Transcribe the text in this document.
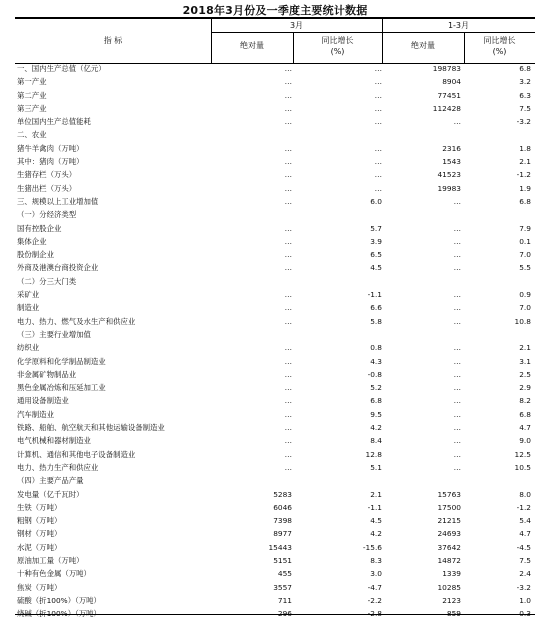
2018年3月份及一季度主要统计数据
指 标
3月	1-3月
绝对量
同比增长
(%)
绝对量
同比增长
(%)
一、国内生产总值（亿元）	…	…	198783	6.8
第一产业	…	…	8904	3.2
第二产业	…	…	77451	6.3
第三产业	…	…	112428	7.5
单位国内生产总值能耗	…	…	…	-3.2
二、农业
猪牛羊禽肉（万吨）	…	…	2316	1.8
其中：猪肉（万吨）	…	…	1543	2.1
生猪存栏（万头）	…	…	41523	-1.2
生猪出栏（万头）	…	…	19983	1.9
三、规模以上工业增加值	…	6.0	…	6.8
（一）分经济类型
国有控股企业	…	5.7	…	7.9
集体企业	…	3.9	…	0.1
股份制企业	…	6.5	…	7.0
外商及港澳台商投资企业	…	4.5	…	5.5
（二）分三大门类
采矿业	…	-1.1	…	0.9
制造业	…	6.6	…	7.0
电力、热力、燃气及水生产和供应业	…	5.8	…	10.8
（三）主要行业增加值
纺织业	…	0.8	…	2.1
化学原料和化学制品制造业	…	4.3	…	3.1
非金属矿物制品业	…	-0.8	…	2.5
黑色金属冶炼和压延加工业	…	5.2	…	2.9
通用设备制造业	…	6.8	…	8.2
汽车制造业	…	9.5	…	6.8
铁路、船舶、航空航天和其他运输设备制造业	…	4.2	…	4.7
电气机械和器材制造业	…	8.4	…	9.0
计算机、通信和其他电子设备制造业	…	12.8	…	12.5
电力、热力生产和供应业	…	5.1	…	10.5
（四）主要产品产量
发电量（亿千瓦时）	5283	2.1	15763	8.0
生铁（万吨）	6046	-1.1	17500	-1.2
粗钢（万吨）	7398	4.5	21215	5.4
钢材（万吨）	8977	4.2	24693	4.7
水泥（万吨）	15443	-15.6	37642	-4.5
原油加工量（万吨）	5151	8.3	14872	7.5
十种有色金属（万吨）	455	3.0	1339	2.4
焦炭（万吨）	3557	-4.7	10285	-3.2
硫酸（折100%）（万吨）	711	-2.2	2123	1.0
烧碱（折100%）（万吨）	296	-2.8	859	0.3
